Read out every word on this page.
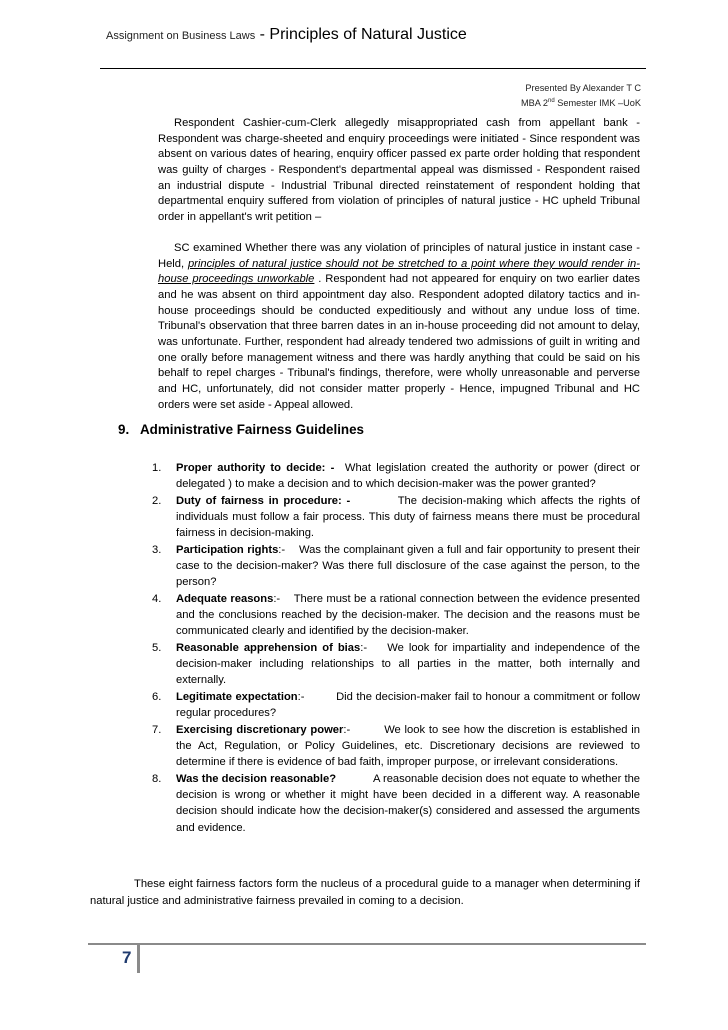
Assignment on Business Laws - Principles of Natural Justice
Presented By Alexander T C
MBA 2nd Semester IMK –UoK

Respondent Cashier-cum-Clerk allegedly misappropriated cash from appellant bank - Respondent was charge-sheeted and enquiry proceedings were initiated - Since respondent was absent on various dates of hearing, enquiry officer passed ex parte order holding that respondent was guilty of charges - Respondent's departmental appeal was dismissed - Respondent raised an industrial dispute - Industrial Tribunal directed reinstatement of respondent holding that departmental enquiry suffered from violation of principles of natural justice - HC upheld Tribunal order in appellant's writ petition –

SC examined Whether there was any violation of principles of natural justice in instant case - Held, principles of natural justice should not be stretched to a point where they would render in-house proceedings unworkable . Respondent had not appeared for enquiry on two earlier dates and he was absent on third appointment day also. Respondent adopted dilatory tactics and in-house proceedings should be conducted expeditiously and without any undue loss of time. Tribunal's observation that three barren dates in an in-house proceeding did not amount to delay, was unfortunate. Further, respondent had already tendered two admissions of guilt in writing and one orally before management witness and there was hardly anything that could be said on his behalf to repel charges - Tribunal's findings, therefore, were wholly unreasonable and perverse and HC, unfortunately, did not consider matter properly - Hence, impugned Tribunal and HC orders were set aside - Appeal allowed.

9. Administrative Fairness Guidelines
1.	Proper authority to decide: - What legislation created the authority or power (direct or delegated ) to make a decision and to which decision-maker was the power granted?
2.	Duty of fairness in procedure: -	The decision-making which affects the rights of individuals must follow a fair process. This duty of fairness means there must be procedural fairness in decision-making.
3.	Participation rights:-    Was the complainant given a full and fair opportunity to present their case to the decision-maker? Was there full disclosure of the case against the person, to the person?
4.	Adequate reasons:-    There must be a rational connection between the evidence presented and the conclusions reached by the decision-maker. The decision and the reasons must be communicated clearly and identified by the decision-maker.
5.	Reasonable apprehension of bias:-    We look for impartiality and independence of the decision-maker including relationships to all parties in the matter, both internally and externally.
6.	Legitimate expectation:-         Did the decision-maker fail to honour a commitment or follow regular procedures?
7.	Exercising discretionary power:-         We look to see how the discretion is established in the Act, Regulation, or Policy Guidelines, etc. Discretionary decisions are reviewed to determine if there is evidence of bad faith, improper purpose, or irrelevant considerations.
8.	Was the decision reasonable?	A reasonable decision does not equate to whether the decision is wrong or whether it might have been decided in a different way. A reasonable decision should indicate how the decision-maker(s) considered and assessed the arguments and evidence.

These eight fairness factors form the nucleus of a procedural guide to a manager when determining if natural justice and administrative fairness prevailed in coming to a decision.

7
